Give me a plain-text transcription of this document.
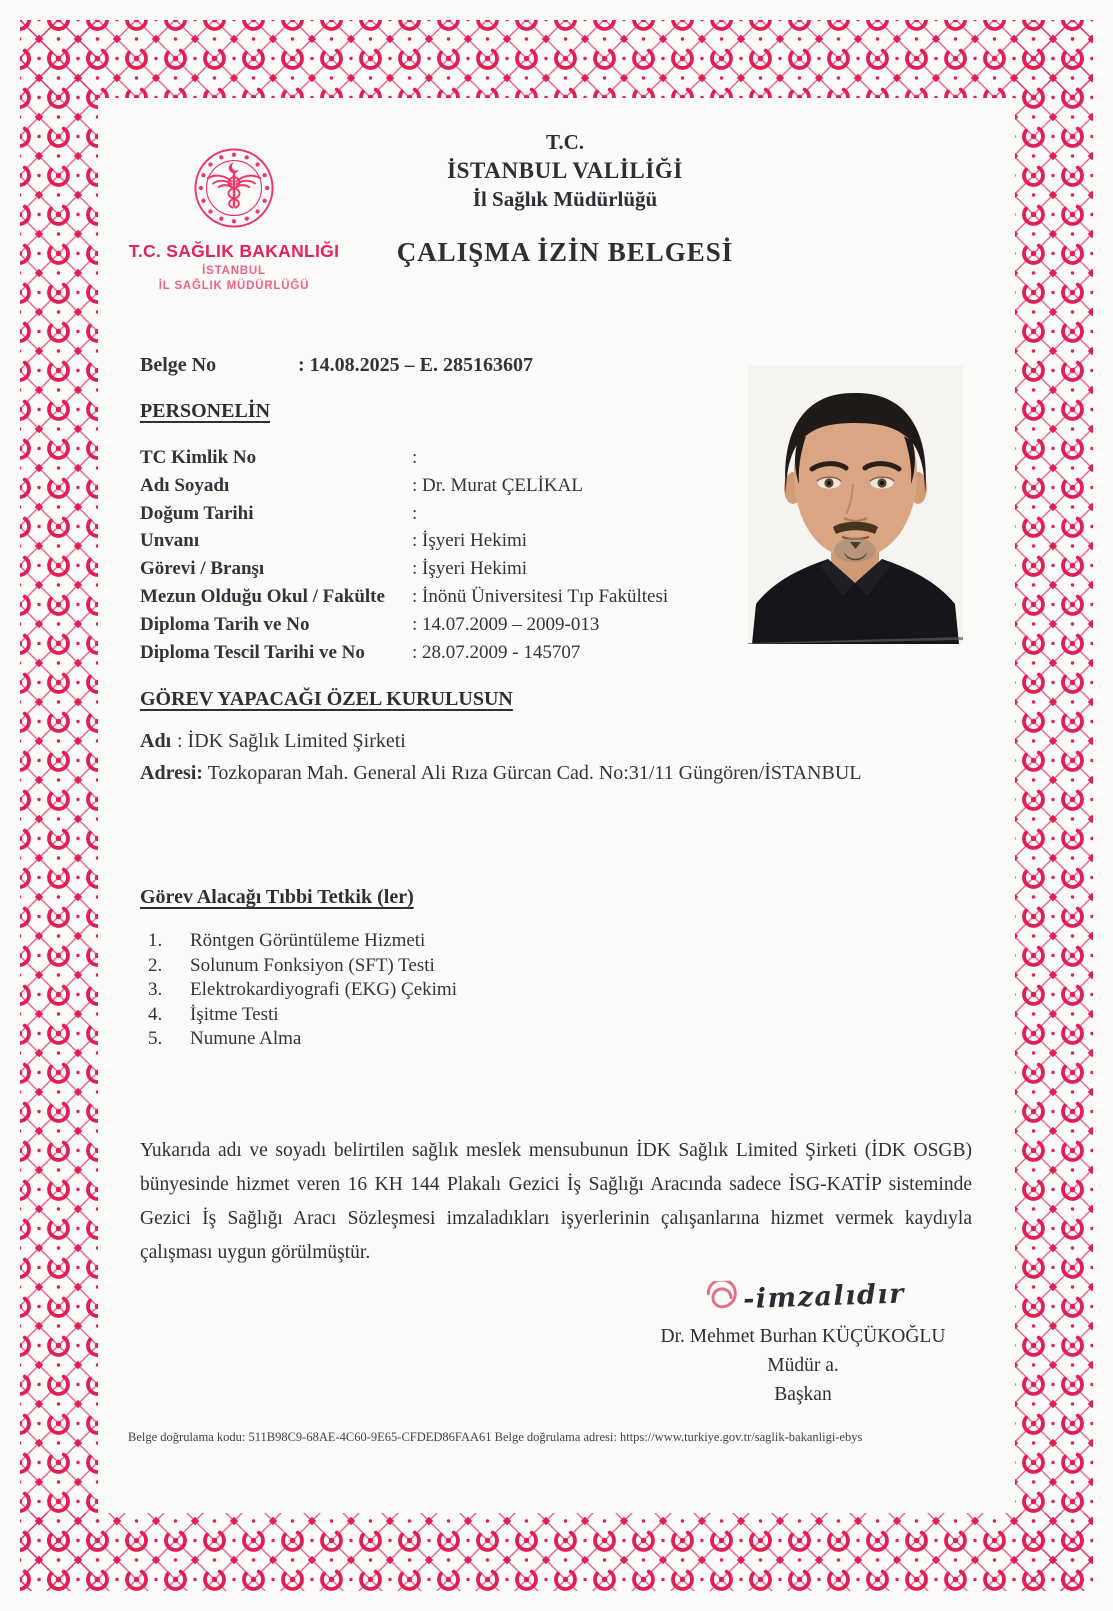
T.C. SAĞLIK BAKANLIĞI
İSTANBUL
İL SAĞLIK MÜDÜRLÜĞÜ
T.C.
İSTANBUL VALİLİĞİ
İl Sağlık Müdürlüğü
ÇALIŞMA İZİN BELGESİ
Belge No	: 14.08.2025 – E. 285163607
PERSONELİN
TC Kimlik No	:
Adı Soyadı	: Dr. Murat ÇELİKAL
Doğum Tarihi	:
Unvanı	: İşyeri Hekimi
Görevi / Branşı	: İşyeri Hekimi
Mezun Olduğu Okul / Fakülte	: İnönü Üniversitesi Tıp Fakültesi
Diploma Tarih ve No	: 14.07.2009 – 2009-013
Diploma Tescil Tarihi ve No	: 28.07.2009 - 145707
GÖREV YAPACAĞI ÖZEL KURULUSUN
Adı : İDK Sağlık Limited Şirketi
Adresi: Tozkoparan Mah. General Ali Rıza Gürcan Cad. No:31/11 Güngören/İSTANBUL
Görev Alacağı Tıbbi Tetkik (ler)
1.	Röntgen Görüntüleme Hizmeti
2.	Solunum Fonksiyon (SFT) Testi
3.	Elektrokardiyografi (EKG) Çekimi
4.	İşitme Testi
5.	Numune Alma
Yukarıda adı ve soyadı belirtilen sağlık meslek mensubunun İDK Sağlık Limited Şirketi (İDK OSGB) bünyesinde hizmet veren 16 KH 144 Plakalı Gezici İş Sağlığı Aracında sadece İSG-KATİP sisteminde Gezici İş Sağlığı Aracı Sözleşmesi imzaladıkları işyerlerinin çalışanlarına hizmet vermek kaydıyla çalışması uygun görülmüştür.
-imzalıdır
Dr. Mehmet Burhan KÜÇÜKOĞLU
Müdür a.
Başkan
Belge doğrulama kodu: 511B98C9-68AE-4C60-9E65-CFDED86FAA61 Belge doğrulama adresi: https://www.turkiye.gov.tr/saglik-bakanligi-ebys
